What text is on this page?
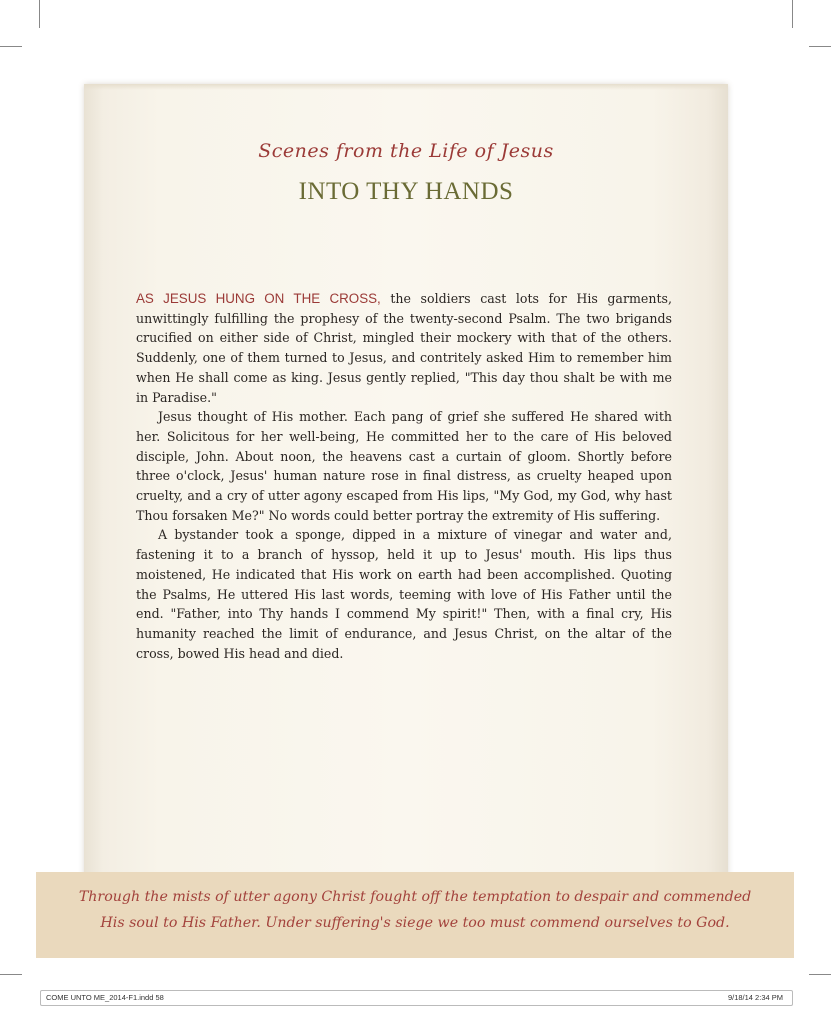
Scenes from the Life of Jesus
INTO THY HANDS

AS JESUS HUNG ON THE CROSS, the soldiers cast lots for His garments, unwittingly fulfilling the prophesy of the twenty-second Psalm. The two brigands crucified on either side of Christ, mingled their mockery with that of the others. Suddenly, one of them turned to Jesus, and contritely asked Him to remember him when He shall come as king. Jesus gently replied, "This day thou shalt be with me in Paradise."

Jesus thought of His mother. Each pang of grief she suffered He shared with her. Solicitous for her well-being, He committed her to the care of His beloved disciple, John. About noon, the heavens cast a curtain of gloom. Shortly before three o'clock, Jesus' human nature rose in final distress, as cruelty heaped upon cruelty, and a cry of utter agony escaped from His lips, "My God, my God, why hast Thou forsaken Me?" No words could better portray the extremity of His suffering.

A bystander took a sponge, dipped in a mixture of vinegar and water and, fastening it to a branch of hyssop, held it up to Jesus' mouth. His lips thus moistened, He indicated that His work on earth had been accomplished. Quoting the Psalms, He uttered His last words, teeming with love of His Father until the end. "Father, into Thy hands I commend My spirit!" Then, with a final cry, His humanity reached the limit of endurance, and Jesus Christ, on the altar of the cross, bowed His head and died.

Through the mists of utter agony Christ fought off the temptation to despair and commended
His soul to His Father. Under suffering's siege we too must commend ourselves to God.
COME UNTO ME_2014-F1.indd 58	9/18/14 2:34 PM
